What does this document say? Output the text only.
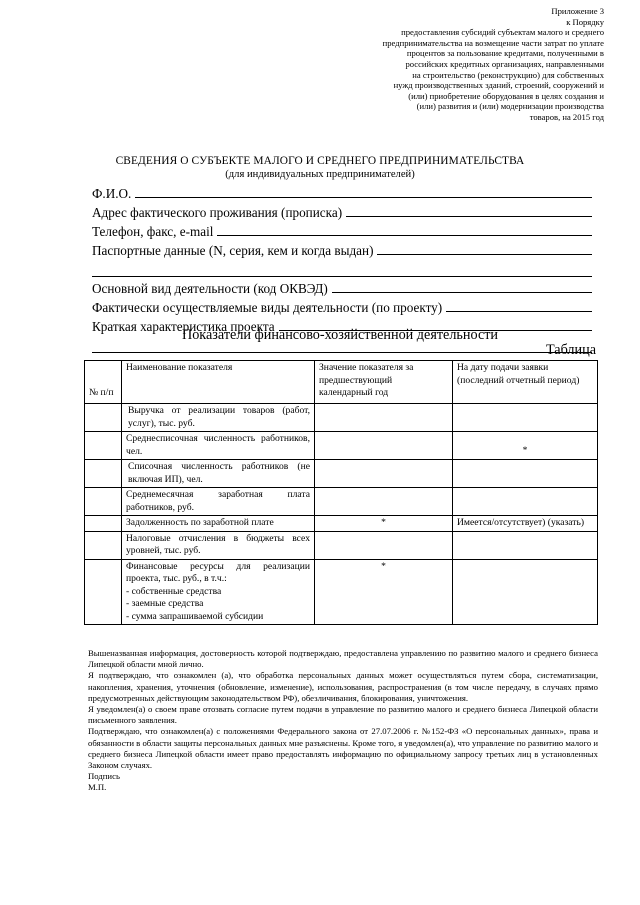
Приложение 3
к Порядку
предоставления субсидий субъектам малого и среднего
предпринимательства на возмещение части затрат по уплате
процентов за пользование кредитами, полученными в
российских кредитных организациях, направленными
на строительство (реконструкцию) для собственных
нужд производственных зданий, строений, сооружений и
(или) приобретение оборудования в целях создания и
(или) развития и (или) модернизации производства
товаров, на 2015 год
СВЕДЕНИЯ О СУБЪЕКТЕ МАЛОГО И СРЕДНЕГО ПРЕДПРИНИМАТЕЛЬСТВА
(для индивидуальных предпринимателей)
Ф.И.О.
Адрес фактического проживания (прописка)
Телефон, факс, e-mail
Паспортные данные (N, серия, кем и когда выдан)
Основной вид деятельности (код ОКВЭД)
Фактически осуществляемые виды деятельности (по проекту)
Краткая характеристика проекта
Показатели финансово-хозяйственной деятельности
Таблица
№ п/п	Наименование показателя	Значение показателя за предшествующий календарный год	На дату подачи заявки (последний отчетный период)
	Выручка от реализации товаров (работ, услуг), тыс. руб.	

	Среднесписочная численность работников, чел.		*

	Списочная численность работников (не включая ИП), чел.	

	Среднемесячная заработная плата работников, руб.	

	Задолженность по заработной плате	*	Имеется/отсутствует) (указать)
	Налоговые отчисления в бюджеты всех уровней, тыс. руб.	

	Финансовые ресурсы для реализации проекта, тыс. руб., в т.ч.:
- собственные средства
- заемные средства
- сумма запрашиваемой субсидии	*	

Вышеназванная информация, достоверность которой подтверждаю, предоставлена управлению по развитию малого и среднего бизнеса Липецкой области мной лично.

Я подтверждаю, что ознакомлен (а), что обработка персональных данных может осуществляться путем сбора, систематизации, накопления, хранения, уточнения (обновление, изменение), использования, распространения (в том числе передачу, в случаях прямо предусмотренных действующим законодательством РФ), обезличивания, блокирования, уничтожения.

Я уведомлен(а) о своем праве отозвать согласие путем подачи в управление по развитию малого и среднего бизнеса Липецкой области письменного заявления.

Подтверждаю, что ознакомлен(а) с положениями Федерального закона от 27.07.2006 г. №152-ФЗ «О персональных данных», права и обязанности в области защиты персональных данных мне разъяснены. Кроме того, я уведомлен(а), что управление по развитию малого и среднего бизнеса Липецкой области имеет право предоставлять информацию по официальному запросу третьих лиц в установленных Законом случаях.

Подпись

М.П.
